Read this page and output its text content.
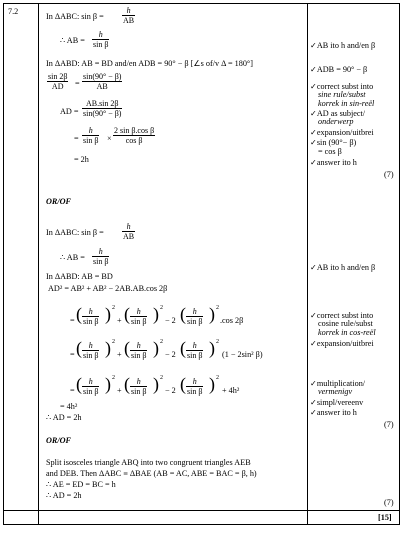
7.2
In ΔABC: $\sin \beta = \frac{h}{AB}$
∴ AB = $\frac{h}{\text{sin β}}$
In ΔABD: AB = BD and/en ADB = 90° − β [∠s of/v Δ = 180°]
$\frac{\sin 2\beta}{AD} = \frac{\sin(90^\circ - \beta)}{AB}$
AD = $\frac{AB.\sin 2\beta}{\sin(90^\circ - \beta)}$
= $\frac{h}{\text{sin β}} \times \frac{\text{2 sin β.cos β}}{\text{cos β}}$
= 2h
✓AB ito h and/en β
✓ADB = 90° − β
✓correct subst into
sine rule/subst
korrek in sin-reël
✓AD as subject/
onderwerp
✓expansion/uitbrei
✓sin (90°− β)
= cos β
✓answer ito h
(7)
OR/OF
In ΔABC: $\sin \beta = \frac{h}{AB}$
∴ AB = $\frac{h}{\text{sin β}}$
In ΔABD: AB = BD
AD² = AB² + AB² − 2AB.AB.cos 2β
= ( $\frac{h}{\text{sin β}}$ ) 2
+ ( $\frac{h}{\text{sin β}}$ ) 2
− 2 ( $\frac{h}{\text{sin β}}$ ) 2
.cos 2β
= ( $\frac{h}{\text{sin β}}$ ) 2
+ ( $\frac{h}{\text{sin β}}$ ) 2
− 2 ( $\frac{h}{\text{sin β}}$ ) 2
(1 − 2sin² β)
= ( $\frac{h}{\text{sin β}}$ ) 2
+ ( $\frac{h}{\text{sin β}}$ ) 2
− 2 ( $\frac{h}{\text{sin β}}$ ) 2
+ 4h²
= 4h²
∴ AD = 2h
✓AB ito h and/en β
✓correct subst into
cosine rule/subst
korrek in cos-reël
✓expansion/uitbrei
✓multiplication/
vermenigv
✓simpl/vereenv
✓answer ito h
(7)
OR/OF
Split isosceles triangle ABQ into two congruent triangles AEB
and DEB. Then ΔABC ≡ ΔBAE (AB = AC, ABE = BAC = β, h)
∴ AE = ED = BC = h
∴ AD = 2h
(7)
[15]
